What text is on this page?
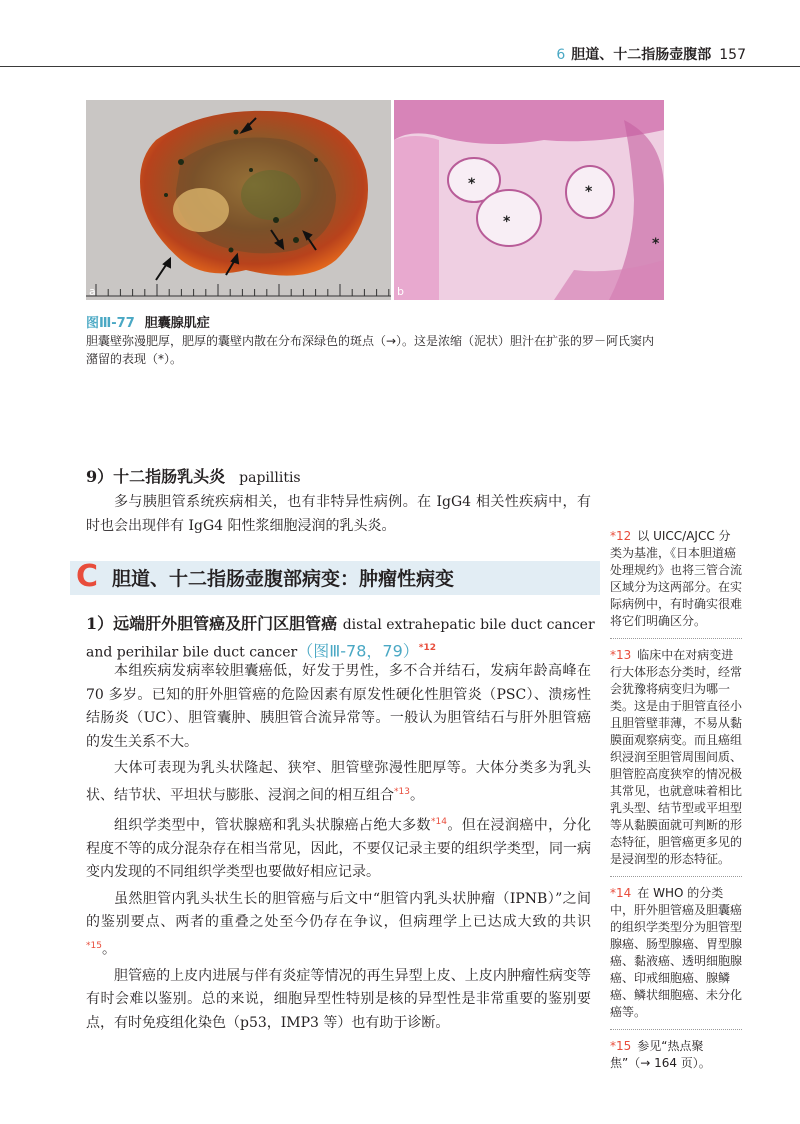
6 胆道、十二指肠壶腹部 157
a
*
*
*
*
b
图Ⅲ-77 胆囊腺肌症
胆囊壁弥漫肥厚，肥厚的囊壁内散在分布深绿色的斑点（→）。这是浓缩（泥状）胆汁在扩张的罗－阿氏窦内潴留的表现（*）。
9）十二指肠乳头炎 papillitis
多与胰胆管系统疾病相关，也有非特异性病例。在 IgG4 相关性疾病中，有时也会出现伴有 IgG4 阳性浆细胞浸润的乳头炎。
C 胆道、十二指肠壶腹部病变：肿瘤性病变
1）远端肝外胆管癌及肝门区胆管癌 distal extrahepatic bile duct cancer and perihilar bile duct cancer（图Ⅲ-78，79）$^{*12}$

本组疾病发病率较胆囊癌低，好发于男性，多不合并结石，发病年龄高峰在 70 多岁。已知的肝外胆管癌的危险因素有原发性硬化性胆管炎（PSC）、溃疡性结肠炎（UC）、胆管囊肿、胰胆管合流异常等。一般认为胆管结石与肝外胆管癌的发生关系不大。

大体可表现为乳头状隆起、狭窄、胆管壁弥漫性肥厚等。大体分类多为乳头状、结节状、平坦状与膨胀、浸润之间的相互组合$^{*13}$。

组织学类型中，管状腺癌和乳头状腺癌占绝大多数$^{*14}$。但在浸润癌中，分化程度不等的成分混杂存在相当常见，因此，不要仅记录主要的组织学类型，同一病变内发现的不同组织学类型也要做好相应记录。

虽然胆管内乳头状生长的胆管癌与后文中“胆管内乳头状肿瘤（IPNB）”之间的鉴别要点、两者的重叠之处至今仍存在争议，但病理学上已达成大致的共识$^{*15}$。

胆管癌的上皮内进展与伴有炎症等情况的再生异型上皮、上皮内肿瘤性病变等有时会难以鉴别。总的来说，细胞异型性特别是核的异型性是非常重要的鉴别要点，有时免疫组化染色（p53，IMP3 等）也有助于诊断。

*12 以 UICC/AJCC 分类为基准，《日本胆道癌处理规约》也将三管合流区域分为这两部分。在实际病例中，有时确实很难将它们明确区分。
*13 临床中在对病变进行大体形态分类时，经常会犹豫将病变归为哪一类。这是由于胆管直径小且胆管壁菲薄，不易从黏膜面观察病变。而且癌组织浸润至胆管周围间质、胆管腔高度狭窄的情况极其常见，也就意味着相比乳头型、结节型或平坦型等从黏膜面就可判断的形态特征，胆管癌更多见的是浸润型的形态特征。
*14 在 WHO 的分类中，肝外胆管癌及胆囊癌的组织学类型分为胆管型腺癌、肠型腺癌、胃型腺癌、黏液癌、透明细胞腺癌、印戒细胞癌、腺鳞癌、鳞状细胞癌、未分化癌等。
*15 参见“热点聚焦”（→ 164 页）。
